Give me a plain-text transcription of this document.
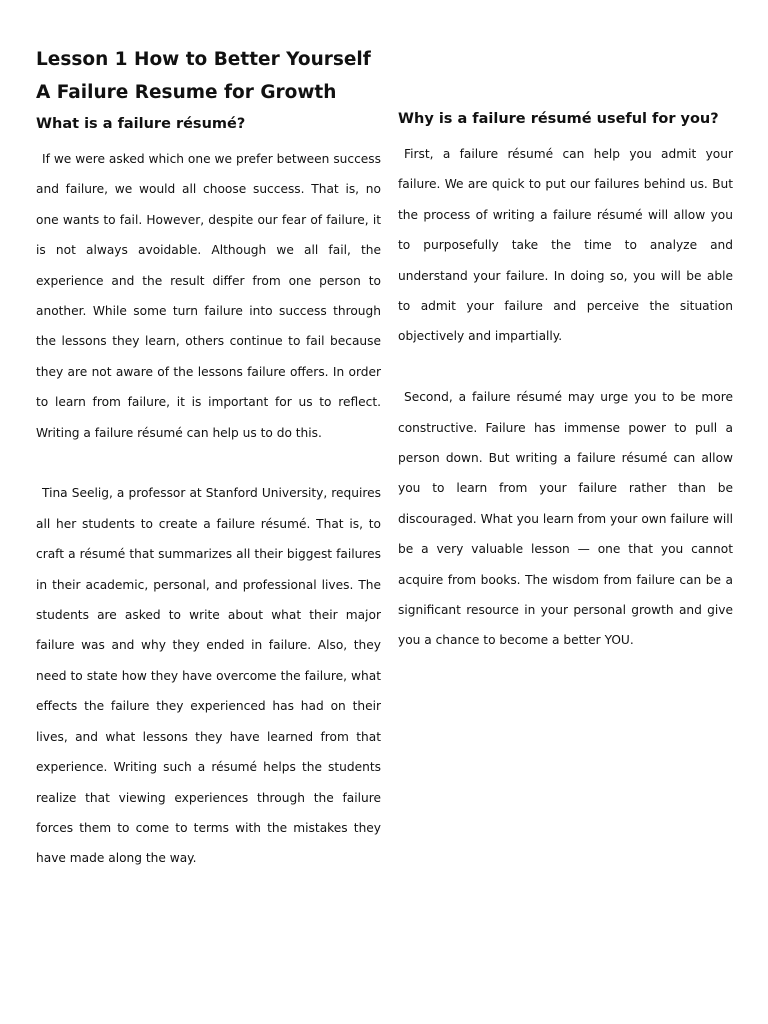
Lesson 1 How to Better Yourself
A Failure Resume for Growth
What is a failure résumé?	Why is a failure résumé useful for you?

If we were asked which one we prefer between success and failure, we would all choose success. That is, no one wants to fail. However, despite our fear of failure, it is not always avoidable. Although we all fail, the experience and the result differ from one person to another. While some turn failure into success through the lessons they learn, others continue to fail because they are not aware of the lessons failure offers. In order to learn from failure, it is important for us to reflect. Writing a failure résumé can help us to do this.

Tina Seelig, a professor at Stanford University, requires all her students to create a failure résumé. That is, to craft a résumé that summarizes all their biggest failures in their academic, personal, and professional lives. The students are asked to write about what their major failure was and why they ended in failure. Also, they need to state how they have overcome the failure, what effects the failure they experienced has had on their lives, and what lessons they have learned from that experience. Writing such a résumé helps the students realize that viewing experiences through the failure forces them to come to terms with the mistakes they have made along the way.

First, a failure résumé can help you admit your failure. We are quick to put our failures behind us. But the process of writing a failure résumé will allow you to purposefully take the time to analyze and understand your failure. In doing so, you will be able to admit your failure and perceive the situation objectively and impartially.

Second, a failure résumé may urge you to be more constructive. Failure has immense power to pull a person down. But writing a failure résumé can allow you to learn from your failure rather than be discouraged. What you learn from your own failure will be a very valuable lesson — one that you cannot acquire from books. The wisdom from failure can be a significant resource in your personal growth and give you a chance to become a better YOU.
